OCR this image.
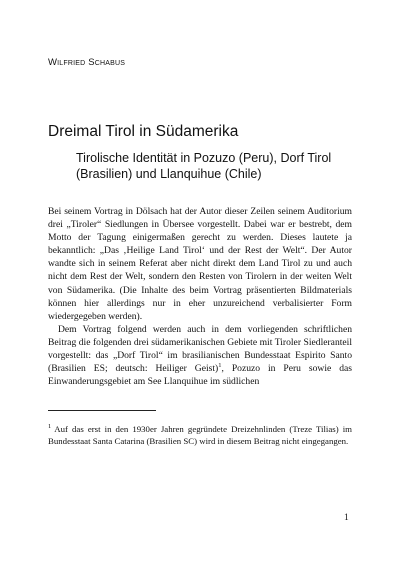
Wilfried Schabus
Dreimal Tirol in Südamerika
Tirolische Identität in Pozuzo (Peru), Dorf Tirol (Brasilien) und Llanquihue (Chile)

Bei seinem Vortrag in Dölsach hat der Autor dieser Zeilen seinem Auditorium drei „Tiroler“ Siedlungen in Übersee vorgestellt. Dabei war er bestrebt, dem Motto der Tagung einigermaßen gerecht zu werden. Dieses lautete ja bekanntlich: „Das ‚Heilige Land Tirol‘ und der Rest der Welt“. Der Autor wandte sich in seinem Referat aber nicht direkt dem Land Tirol zu und auch nicht dem Rest der Welt, sondern den Resten von Tirolern in der weiten Welt von Südamerika. (Die Inhalte des beim Vortrag präsentierten Bildmaterials können hier allerdings nur in eher unzureichend verbalisierter Form wiedergegeben werden).

Dem Vortrag folgend werden auch in dem vorliegenden schriftlichen Beitrag die folgenden drei südamerikanischen Gebiete mit Tiroler Siedleranteil vorgestellt: das „Dorf Tirol“ im brasilianischen Bundesstaat Espirito Santo (Brasilien ES; deutsch: Heiliger Geist)$^1$, Pozuzo in Peru sowie das Einwanderungsgebiet am See Llanquihue im südlichen

$^1$ Auf das erst in den 1930er Jahren gegründete Dreizehnlinden (Treze Tilias) im Bundesstaat Santa Catarina (Brasilien SC) wird in diesem Beitrag nicht eingegangen.
1
